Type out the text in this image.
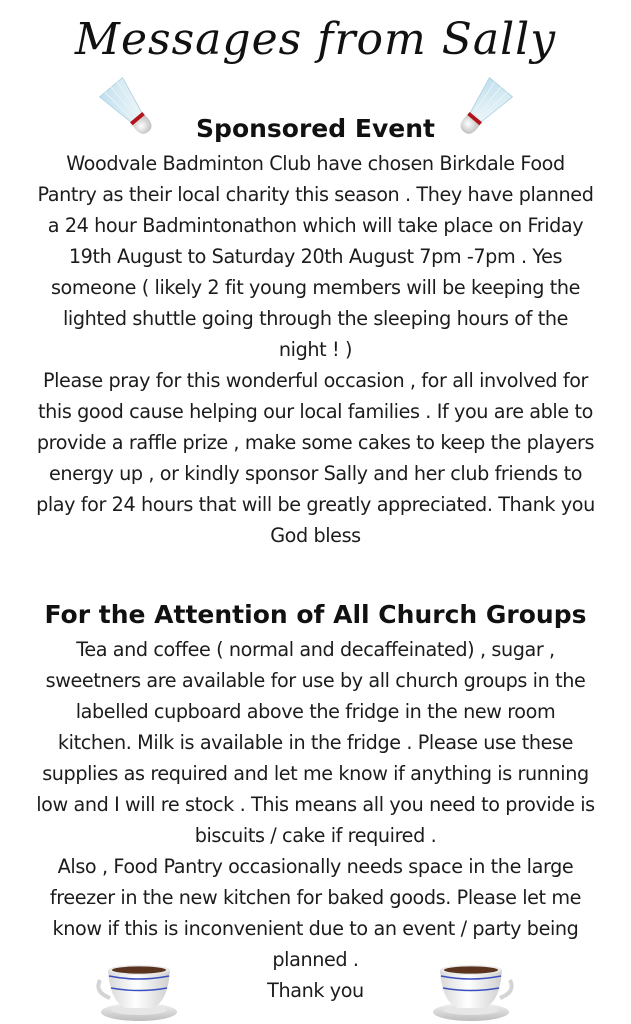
Messages from Sally
Sponsored Event
Woodvale Badminton Club have chosen Birkdale Food
Pantry as their local charity this season . They have planned
a 24 hour Badmintonathon which will take place on Friday
19th August to Saturday 20th August 7pm -7pm . Yes
someone ( likely 2 fit young members will be keeping the
lighted shuttle going through the sleeping hours of the
night ! )
Please pray for this wonderful occasion , for all involved for
this good cause helping our local families . If you are able to
provide a raffle prize , make some cakes to keep the players
energy up , or kindly sponsor Sally and her club friends to
play for 24 hours that will be greatly appreciated. Thank you
God bless
For the Attention of All Church Groups
Tea and coffee ( normal and decaffeinated) , sugar ,
sweetners are available for use by all church groups in the
labelled cupboard above the fridge in the new room
kitchen. Milk is available in the fridge . Please use these
supplies as required and let me know if anything is running
low and I will re stock . This means all you need to provide is
biscuits / cake if required .
Also , Food Pantry occasionally needs space in the large
freezer in the new kitchen for baked goods. Please let me
know if this is inconvenient due to an event / party being
planned .
Thank you
